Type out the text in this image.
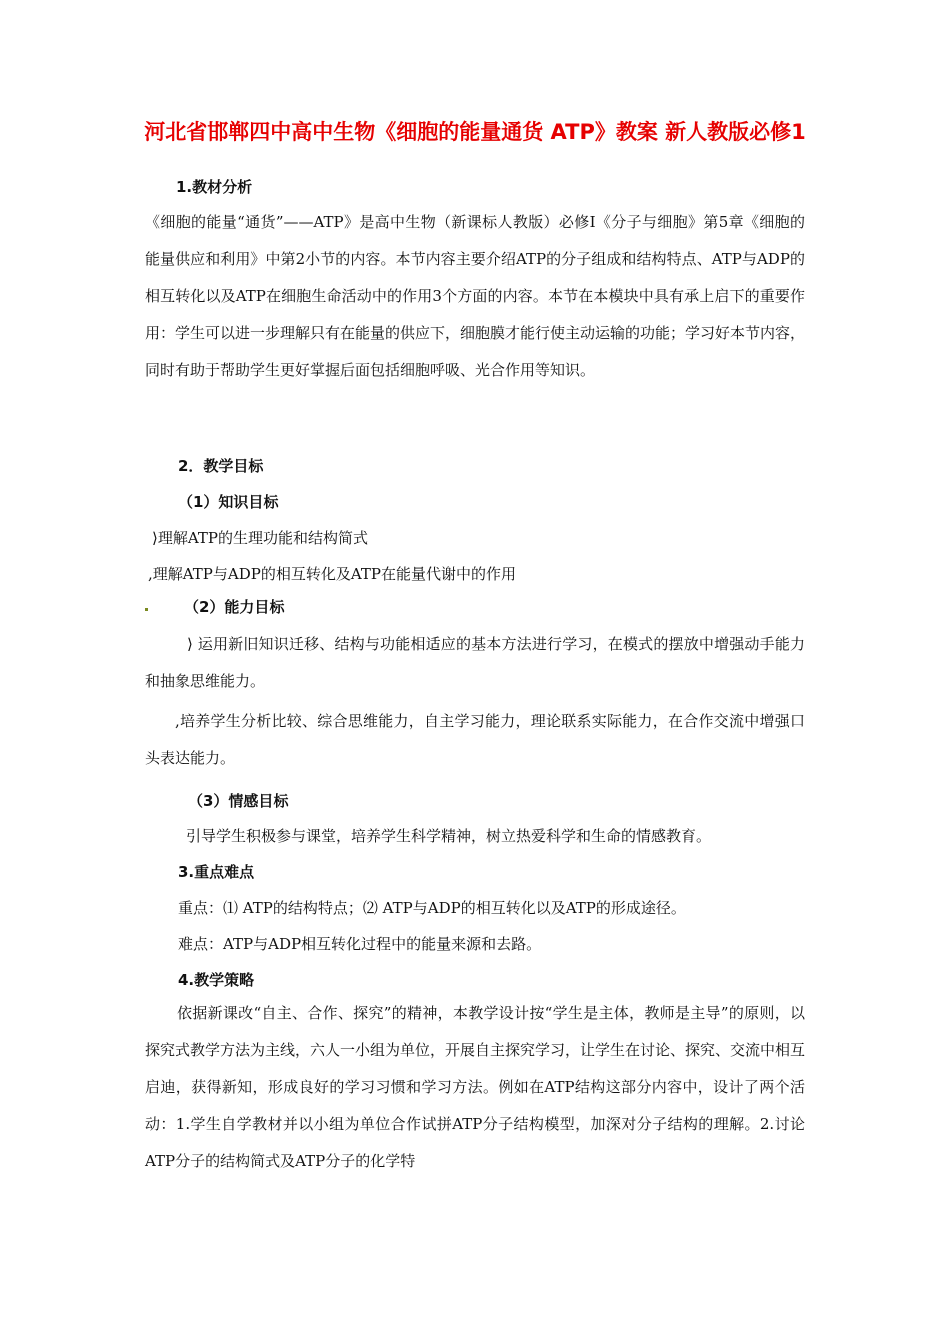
河北省邯郸四中高中生物《细胞的能量通货 ATP》教案 新人教版必修1
1.教材分析
《细胞的能量“通货”——ATP》是高中生物（新课标人教版）必修Ⅰ《分子与细胞》第5章《细胞的能量供应和利用》中第2小节的内容。本节内容主要介绍ATP的分子组成和结构特点、ATP与ADP的相互转化以及ATP在细胞生命活动中的作用3个方面的内容。本节在本模块中具有承上启下的重要作用：学生可以进一步理解只有在能量的供应下，细胞膜才能行使主动运输的功能；学习好本节内容，同时有助于帮助学生更好掌握后面包括细胞呼吸、光合作用等知识。
2．教学目标
（1）知识目标
⟩理解ATP的生理功能和结构简式
,理解ATP与ADP的相互转化及ATP在能量代谢中的作用
（2）能力目标
⟩ 运用新旧知识迁移、结构与功能相适应的基本方法进行学习，在模式的摆放中增强动手能力和抽象思维能力。
,培养学生分析比较、综合思维能力，自主学习能力，理论联系实际能力，在合作交流中增强口头表达能力。
（3）情感目标
引导学生积极参与课堂，培养学生科学精神，树立热爱科学和生命的情感教育。
3.重点难点
重点：⑴ ATP的结构特点；⑵ ATP与ADP的相互转化以及ATP的形成途径。
难点：ATP与ADP相互转化过程中的能量来源和去路。
4.教学策略
依据新课改“自主、合作、探究”的精神，本教学设计按“学生是主体，教师是主导”的原则，以探究式教学方法为主线，六人一小组为单位，开展自主探究学习，让学生在讨论、探究、交流中相互启迪，获得新知，形成良好的学习习惯和学习方法。例如在ATP结构这部分内容中，设计了两个活动：1.学生自学教材并以小组为单位合作试拼ATP分子结构模型，加深对分子结构的理解。2.讨论ATP分子的结构简式及ATP分子的化学特
